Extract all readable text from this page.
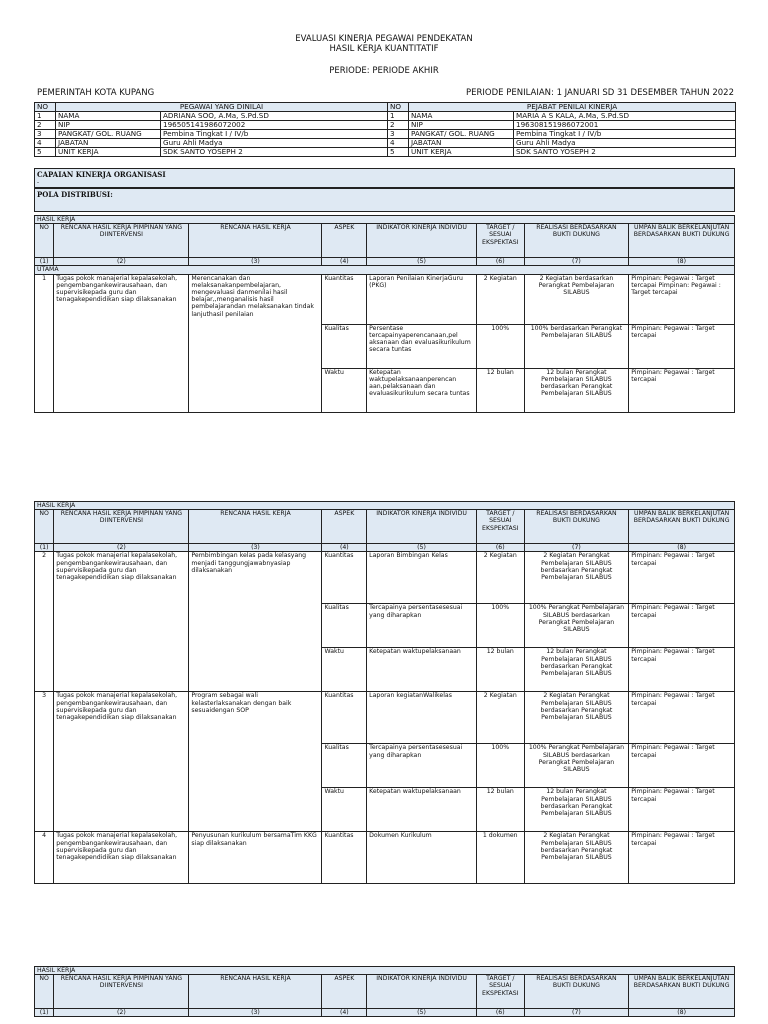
EVALUASI KINERJA PEGAWAI PENDEKATAN
HASIL KERJA KUANTITATIF
PERIODE: PERIODE AKHIR
PEMERINTAH KOTA KUPANG	PERIODE PENILAIAN: 1 JANUARI SD 31 DESEMBER TAHUN 2022
NO	PEGAWAI YANG DINILAI		NO	PEJABAT PENILAI KINERJA	
1	NAMA	ADRIANA SOO, A.Ma, S.Pd.SD	1	NAMA	MARIA A S KALA, A.Ma, S.Pd.SD
2	NIP	196505141986072002	2	NIP	196308151986072001
3	PANGKAT/ GOL. RUANG	Pembina Tingkat I / IV/b	3	PANGKAT/ GOL. RUANG	Pembina Tingkat I / IV/b
4	JABATAN	Guru Ahli Madya	4	JABATAN	Guru Ahli Madya
5	UNIT KERJA	SDK SANTO YOSEPH 2	5	UNIT KERJA	SDK SANTO YOSEPH 2
CAPAIAN KINERJA ORGANISASI
-
POLA DISTRIBUSI:
HASIL KERJA							
NO	RENCANA HASIL KERJA PIMPINAN YANG DIINTERVENSI	RENCANA HASIL KERJA	ASPEK	INDIKATOR KINERJA INDIVIDU	TARGET / SESUAI EKSPEKTASI	REALISASI BERDASARKAN BUKTI DUKUNG	UMPAN BALIK BERKELANJUTAN BERDASARKAN BUKTI DUKUNG
(1)	(2)	(3)	(4)	(5)	(6)	(7)	(8)
UTAMA							
1	Tugas pokok manajerial kepalasekolah, pengembangankewirausahaan, dan supervisikepada guru dan tenagakependidikan siap dilaksanakan	Merencanakan dan melaksanakanpembelajaran, mengevaluasi danmenilai hasil belajar,,menganalisis hasil pembelajarandan melaksanakan tindak lanjuthasil penilaian	Kuantitas	Laporan Penilaian KinerjaGuru (PKG)	2 Kegiatan	2 Kegiatan berdasarkan Perangkat Pembelajaran SILABUS	Pimpinan: Pegawai : Target tercapai Pimpinan: Pegawai : Target tercapai
			Kualitas	Persentase tercapainyaperencanaan,pel aksanaan dan evaluasikurikulum secara tuntas	100%	100% berdasarkan Perangkat Pembelajaran SILABUS	Pimpinan: Pegawai : Target tercapai
			Waktu	Ketepatan waktupelaksanaanperencan aan,pelaksanaan dan evaluasikurikulum secara tuntas	12 bulan	12 bulan Perangkat Pembelajaran SILABUS berdasarkan Perangkat Pembelajaran SILABUS	Pimpinan: Pegawai : Target tercapai
HASIL KERJA							
NO	RENCANA HASIL KERJA PIMPINAN YANG DIINTERVENSI	RENCANA HASIL KERJA	ASPEK	INDIKATOR KINERJA INDIVIDU	TARGET / SESUAI EKSPEKTASI	REALISASI BERDASARKAN BUKTI DUKUNG	UMPAN BALIK BERKELANJUTAN BERDASARKAN BUKTI DUKUNG
(1)	(2)	(3)	(4)	(5)	(6)	(7)	(8)
2	Tugas pokok manajerial kepalasekolah, pengembangankewirausahaan, dan supervisikepada guru dan tenagakependidikan siap dilaksanakan	Pembimbingan kelas pada kelasyang menjadi tanggungjawabnyasiap dilaksanakan	Kuantitas	Laporan Bimbingan Kelas	2 Kegiatan	2 Kegiatan Perangkat Pembelajaran SILABUS berdasarkan Perangkat Pembelajaran SILABUS	Pimpinan: Pegawai : Target tercapai
			Kualitas	Tercapainya persentasesesuai yang diharapkan	100%	100% Perangkat Pembelajaran SILABUS berdasarkan Perangkat Pembelajaran SILABUS	Pimpinan: Pegawai : Target tercapai
			Waktu	Ketepatan waktupelaksanaan	12 bulan	12 bulan Perangkat Pembelajaran SILABUS berdasarkan Perangkat Pembelajaran SILABUS	Pimpinan: Pegawai : Target tercapai
3	Tugas pokok manajerial kepalasekolah, pengembangankewirausahaan, dan supervisikepada guru dan tenagakependidikan siap dilaksanakan	Program sebagai wali kelasterlaksanakan dengan baik sesuaidengan SOP	Kuantitas	Laporan kegiatanWalikelas	2 Kegiatan	2 Kegiatan Perangkat Pembelajaran SILABUS berdasarkan Perangkat Pembelajaran SILABUS	Pimpinan: Pegawai : Target tercapai
			Kualitas	Tercapainya persentasesesuai yang diharapkan	100%	100% Perangkat Pembelajaran SILABUS berdasarkan Perangkat Pembelajaran SILABUS	Pimpinan: Pegawai : Target tercapai
			Waktu	Ketepatan waktupelaksanaan	12 bulan	12 bulan Perangkat Pembelajaran SILABUS berdasarkan Perangkat Pembelajaran SILABUS	Pimpinan: Pegawai : Target tercapai
4	Tugas pokok manajerial kepalasekolah, pengembangankewirausahaan, dan supervisikepada guru dan tenagakependidikan siap dilaksanakan	Penyusunan kurikulum bersamaTim KKG siap dilaksanakan	Kuantitas	Dokumen Kurikulum	1 dokumen	2 Kegiatan Perangkat Pembelajaran SILABUS berdasarkan Perangkat Pembelajaran SILABUS	Pimpinan: Pegawai : Target tercapai
HASIL KERJA							
NO	RENCANA HASIL KERJA PIMPINAN YANG DIINTERVENSI	RENCANA HASIL KERJA	ASPEK	INDIKATOR KINERJA INDIVIDU	TARGET / SESUAI EKSPEKTASI	REALISASI BERDASARKAN BUKTI DUKUNG	UMPAN BALIK BERKELANJUTAN BERDASARKAN BUKTI DUKUNG
(1)	(2)	(3)	(4)	(5)	(6)	(7)	(8)
